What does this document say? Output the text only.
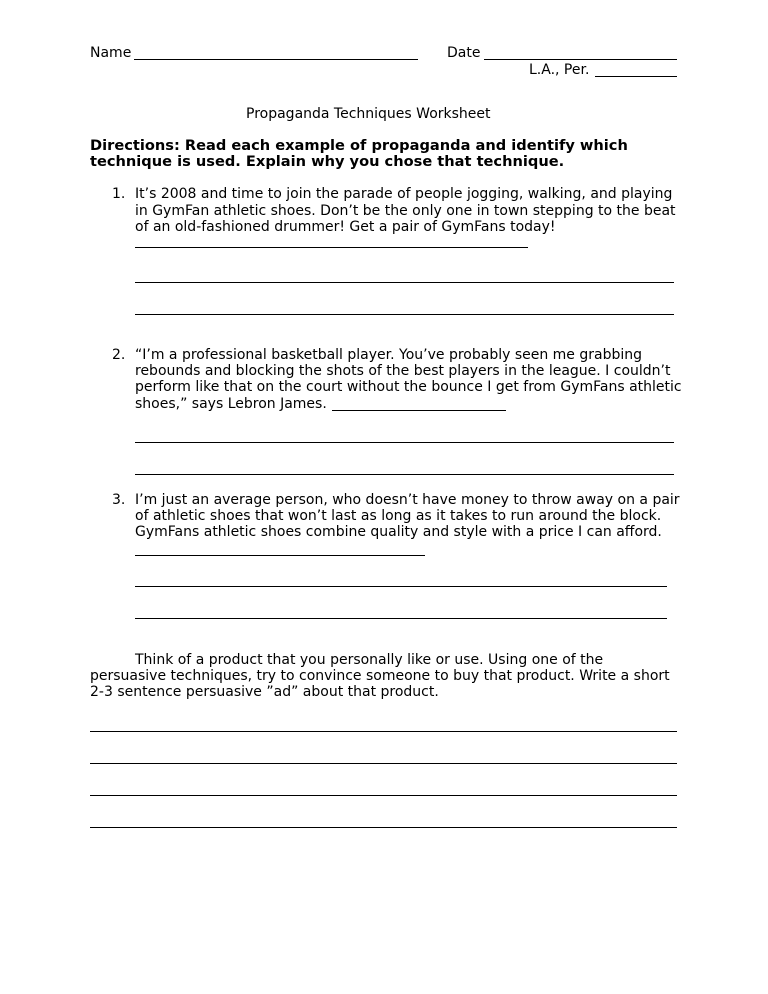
Name	Date
L.A., Per.
Propaganda Techniques Worksheet
Directions: Read each example of propaganda and identify which
technique is used. Explain why you chose that technique.
1. It’s 2008 and time to join the parade of people jogging, walking, and playing
in GymFan athletic shoes. Don’t be the only one in town stepping to the beat
of an old-fashioned drummer! Get a pair of GymFans today!
2. “I’m a professional basketball player. You’ve probably seen me grabbing
rebounds and blocking the shots of the best players in the league. I couldn’t
perform like that on the court without the bounce I get from GymFans athletic
shoes,” says Lebron James.
3. I’m just an average person, who doesn’t have money to throw away on a pair
of athletic shoes that won’t last as long as it takes to run around the block.
GymFans athletic shoes combine quality and style with a price I can afford.
Think of a product that you personally like or use. Using one of the
persuasive techniques, try to convince someone to buy that product. Write a short
2-3 sentence persuasive ”ad” about that product.
